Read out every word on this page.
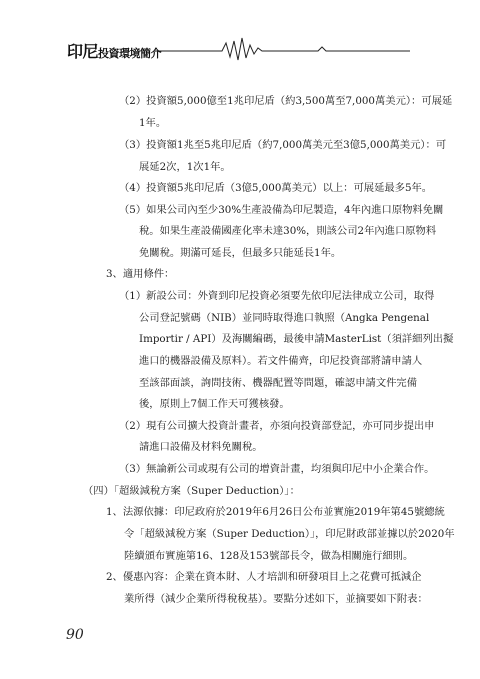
印尼投資環境簡介
（2）投資額5,000億至1兆印尼盾（約3,500萬至7,000萬美元）：可展延
1年。
（3）投資額1兆至5兆印尼盾（約7,000萬美元至3億5,000萬美元）：可
展延2次，1次1年。
（4）投資額5兆印尼盾（3億5,000萬美元）以上：可展延最多5年。
（5）如果公司內至少30%生產設備為印尼製造，4年內進口原物料免關
稅。如果生產設備國產化率未達30%，則該公司2年內進口原物料
免關稅。期滿可延長，但最多只能延長1年。
3、適用條件：
（1）新設公司：外資到印尼投資必須要先依印尼法律成立公司，取得
公司登記號碼（NIB）並同時取得進口執照（Angka Pengenal
Importir / API）及海關編碼，最後申請MasterList（須詳細列出擬
進口的機器設備及原料）。若文件備齊，印尼投資部將請申請人
至該部面談，詢問技術、機器配置等問題，確認申請文件完備
後，原則上7個工作天可獲核發。
（2）現有公司擴大投資計畫者，亦須向投資部登記，亦可同步提出申
請進口設備及材料免關稅。
（3）無論新公司或現有公司的增資計畫，均須與印尼中小企業合作。
（四）「超級減稅方案（Super Deduction）」：
1、法源依據：印尼政府於2019年6月26日公布並實施2019年第45號總統
令「超級減稅方案（Super Deduction）」，印尼財政部並據以於2020年
陸續頒布實施第16、128及153號部長令，做為相關施行細則。
2、優惠內容：企業在資本財、人才培訓和研發項目上之花費可抵減企
業所得（減少企業所得稅稅基）。要點分述如下，並摘要如下附表：
90
